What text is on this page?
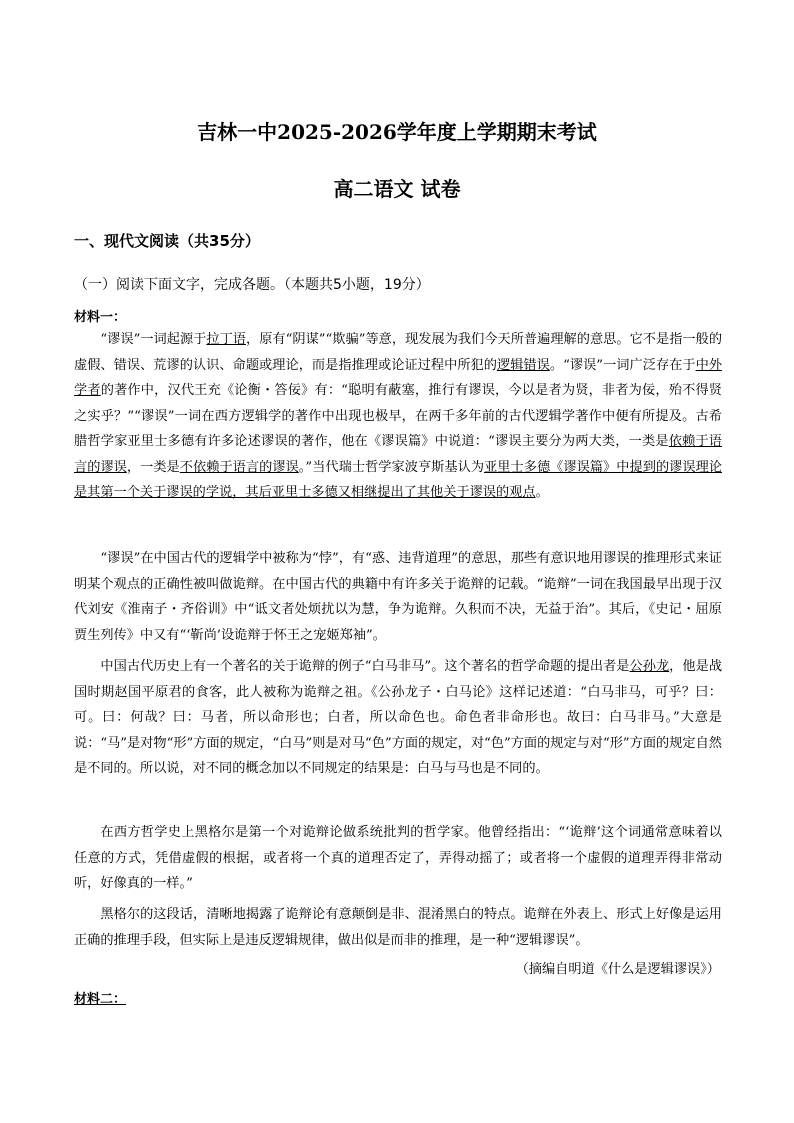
吉林一中2025-2026学年度上学期期末考试
高二语文 试卷
一、现代文阅读（共35分）
（一）阅读下面文字，完成各题。（本题共5小题，19分）
材料一：

“谬误”一词起源于拉丁语，原有“阴谋”“欺骗”等意，现发展为我们今天所普遍理解的意思。它不是指一般的虚假、错误、荒谬的认识、命题或理论，而是指推理或论证过程中所犯的逻辑错误。“谬误”一词广泛存在于中外学者的著作中，汉代王充《论衡・答佞》有：“聪明有蔽塞，推行有谬误，今以是者为贤，非者为佞，殆不得贤之实乎？”“谬误”一词在西方逻辑学的著作中出现也极早，在两千多年前的古代逻辑学著作中便有所提及。古希腊哲学家亚里士多德有许多论述谬误的著作，他在《谬误篇》中说道：“谬误主要分为两大类，一类是依赖于语言的谬误，一类是不依赖于语言的谬误。”当代瑞士哲学家波亨斯基认为亚里士多德《谬误篇》中提到的谬误理论是其第一个关于谬误的学说，其后亚里士多德又相继提出了其他关于谬误的观点。

“谬误”在中国古代的逻辑学中被称为“悖”，有“惑、违背道理”的意思，那些有意识地用谬误的推理形式来证明某个观点的正确性被叫做诡辩。在中国古代的典籍中有许多关于诡辩的记载。“诡辩”一词在我国最早出现于汉代刘安《淮南子・齐俗训》中“诋文者处烦扰以为慧，争为诡辩。久积而不决，无益于治”。其后，《史记・屈原贾生列传》中又有“‘靳尚’设诡辩于怀王之宠姬郑袖”。

中国古代历史上有一个著名的关于诡辩的例子“白马非马”。这个著名的哲学命题的提出者是公孙龙，他是战国时期赵国平原君的食客，此人被称为诡辩之祖。《公孙龙子・白马论》这样记述道：“白马非马，可乎？曰：可。曰：何哉？曰：马者，所以命形也；白者，所以命色也。命色者非命形也。故曰：白马非马。”大意是说：“马”是对物“形”方面的规定，“白马”则是对马“色”方面的规定，对“色”方面的规定与对“形”方面的规定自然是不同的。所以说，对不同的概念加以不同规定的结果是：白马与马也是不同的。

在西方哲学史上黑格尔是第一个对诡辩论做系统批判的哲学家。他曾经指出：“‘诡辩’这个词通常意味着以任意的方式，凭借虚假的根据，或者将一个真的道理否定了，弄得动摇了；或者将一个虚假的道理弄得非常动听，好像真的一样。”

黑格尔的这段话，清晰地揭露了诡辩论有意颠倒是非、混淆黑白的特点。诡辩在外表上、形式上好像是运用正确的推理手段，但实际上是违反逻辑规律，做出似是而非的推理，是一种“逻辑谬误”。

（摘编自明道《什么是逻辑谬误》）
材料二：
